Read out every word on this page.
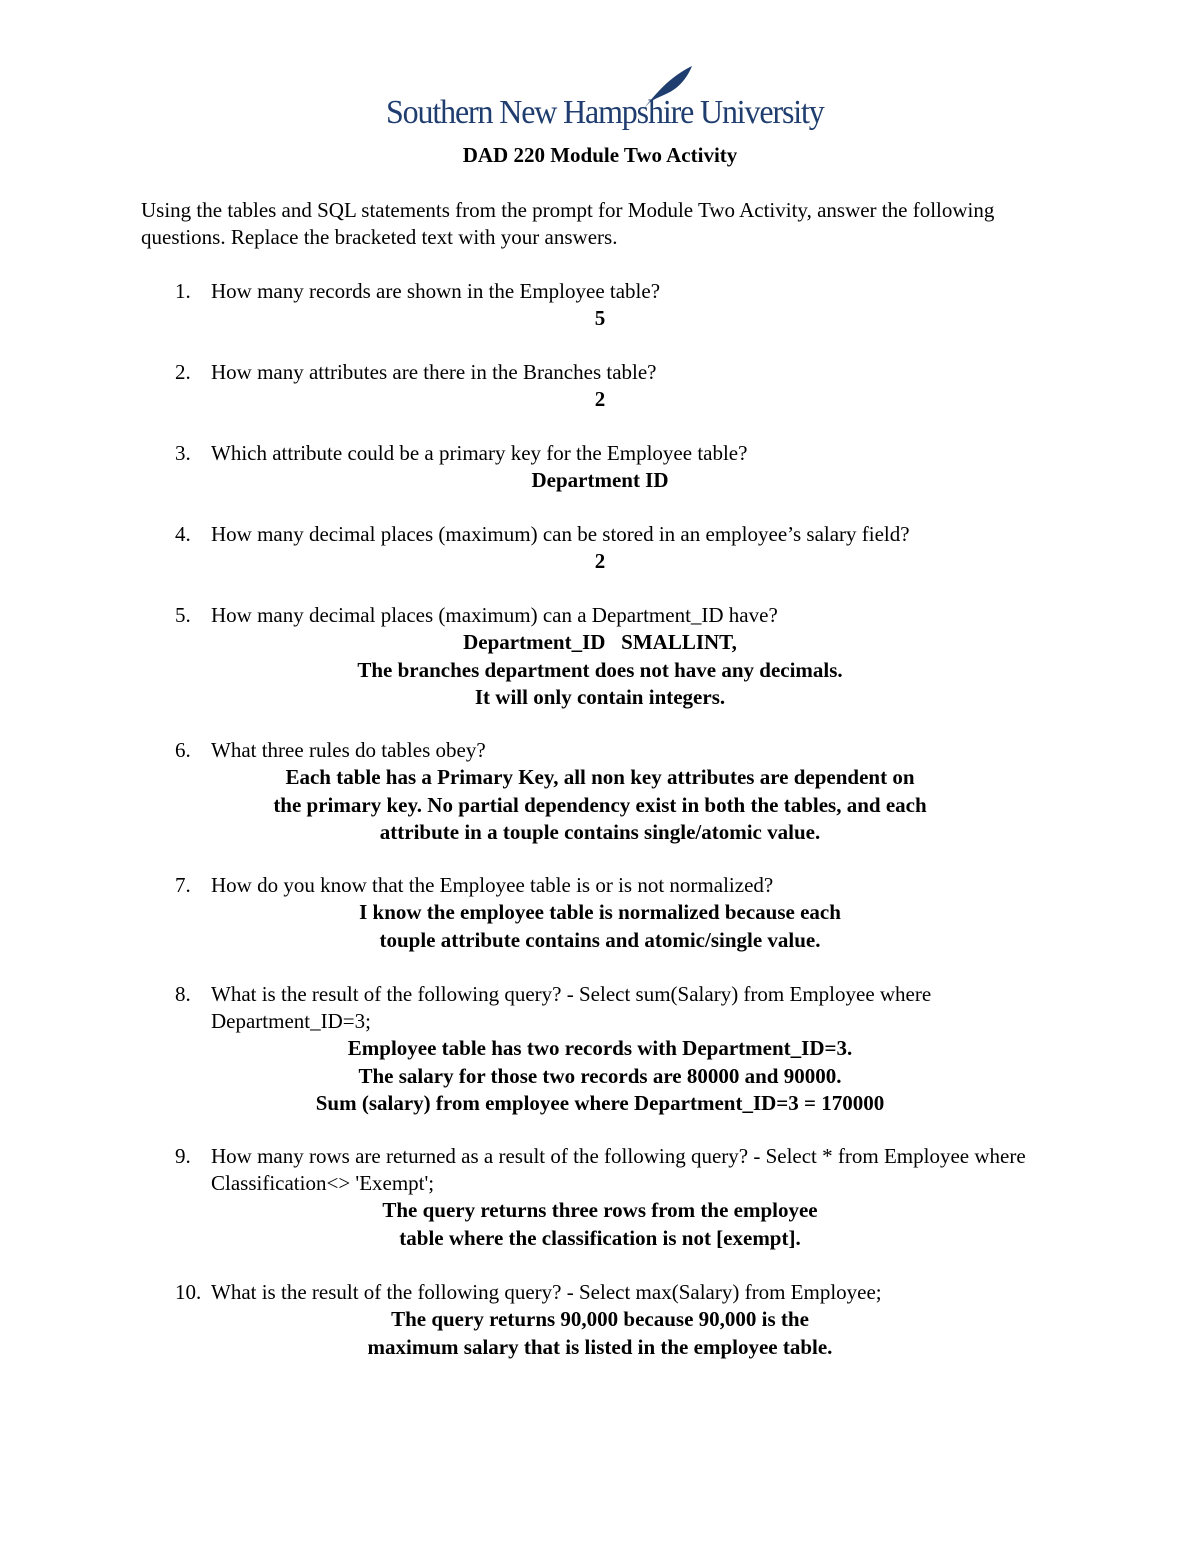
Southern New Hampshire University
DAD 220 Module Two Activity
Using the tables and SQL statements from the prompt for Module Two Activity, answer the following questions. Replace the bracketed text with your answers.
1. How many records are shown in the Employee table?
5
2. How many attributes are there in the Branches table?
2
3. Which attribute could be a primary key for the Employee table?
Department ID
4. How many decimal places (maximum) can be stored in an employee’s salary field?
2
5. How many decimal places (maximum) can a Department_ID have?
Department_ID   SMALLINT,
The branches department does not have any decimals.
It will only contain integers.
6. What three rules do tables obey?
Each table has a Primary Key, all non key attributes are dependent on
the primary key. No partial dependency exist in both the tables, and each
attribute in a touple contains single/atomic value.
7. How do you know that the Employee table is or is not normalized?
I know the employee table is normalized because each
touple attribute contains and atomic/single value.
8. What is the result of the following query? - Select sum(Salary) from Employee where Department_ID=3;
Employee table has two records with Department_ID=3.
The salary for those two records are 80000 and 90000.
Sum (salary) from employee where Department_ID=3 = 170000
9. How many rows are returned as a result of the following query? - Select * from Employee where Classification<> 'Exempt';
The query returns three rows from the employee
table where the classification is not [exempt].
10. What is the result of the following query? - Select max(Salary) from Employee;
The query returns 90,000 because 90,000 is the
maximum salary that is listed in the employee table.
